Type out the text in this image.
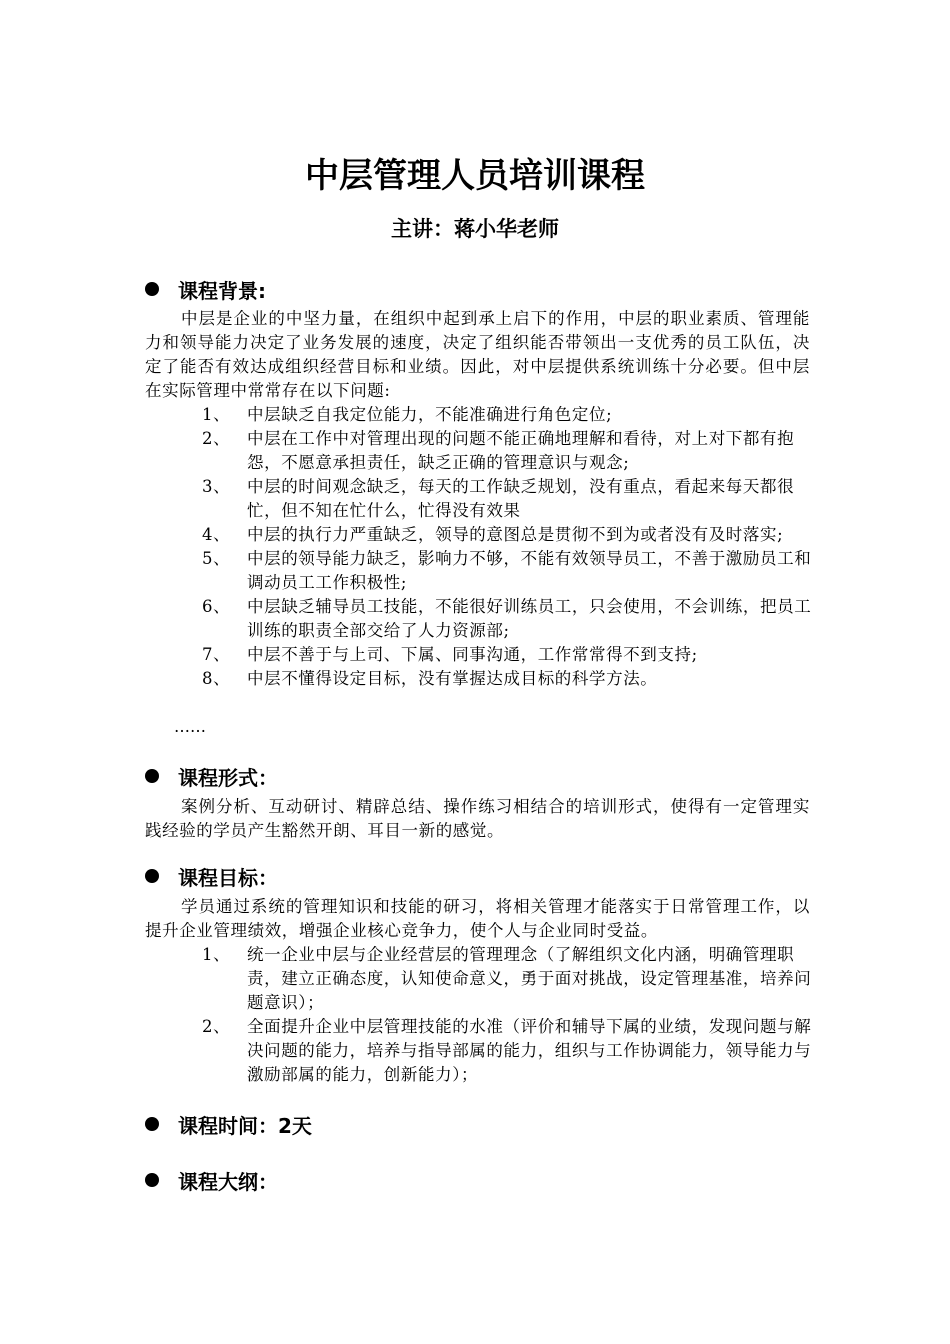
中层管理人员培训课程
主讲：蒋小华老师
课程背景:
中层是企业的中坚力量，在组织中起到承上启下的作用，中层的职业素质、管理能力和领导能力决定了业务发展的速度，决定了组织能否带领出一支优秀的员工队伍，决定了能否有效达成组织经营目标和业绩。因此，对中层提供系统训练十分必要。但中层在实际管理中常常存在以下问题:
1、 中层缺乏自我定位能力，不能准确进行角色定位;
2、 中层在工作中对管理出现的问题不能正确地理解和看待，对上对下都有抱怨，不愿意承担责任，缺乏正确的管理意识与观念;
3、 中层的时间观念缺乏，每天的工作缺乏规划，没有重点，看起来每天都很忙，但不知在忙什么，忙得没有效果
4、 中层的执行力严重缺乏，领导的意图总是贯彻不到为或者没有及时落实;
5、 中层的领导能力缺乏，影响力不够，不能有效领导员工，不善于激励员工和调动员工工作积极性;
6、 中层缺乏辅导员工技能，不能很好训练员工，只会使用，不会训练，把员工训练的职责全部交给了人力资源部;
7、 中层不善于与上司、下属、同事沟通，工作常常得不到支持;
8、 中层不懂得设定目标，没有掌握达成目标的科学方法。
……
课程形式：
案例分析、互动研讨、精辟总结、操作练习相结合的培训形式，使得有一定管理实践经验的学员产生豁然开朗、耳目一新的感觉。
课程目标：
学员通过系统的管理知识和技能的研习，将相关管理才能落实于日常管理工作，以提升企业管理绩效，增强企业核心竞争力，使个人与企业同时受益。
1、 统一企业中层与企业经营层的管理理念（了解组织文化内涵，明确管理职责，建立正确态度，认知使命意义，勇于面对挑战，设定管理基准，培养问题意识）；
2、 全面提升企业中层管理技能的水准（评价和辅导下属的业绩，发现问题与解决问题的能力，培养与指导部属的能力，组织与工作协调能力，领导能力与激励部属的能力，创新能力）；
课程时间：2天
课程大纲：
